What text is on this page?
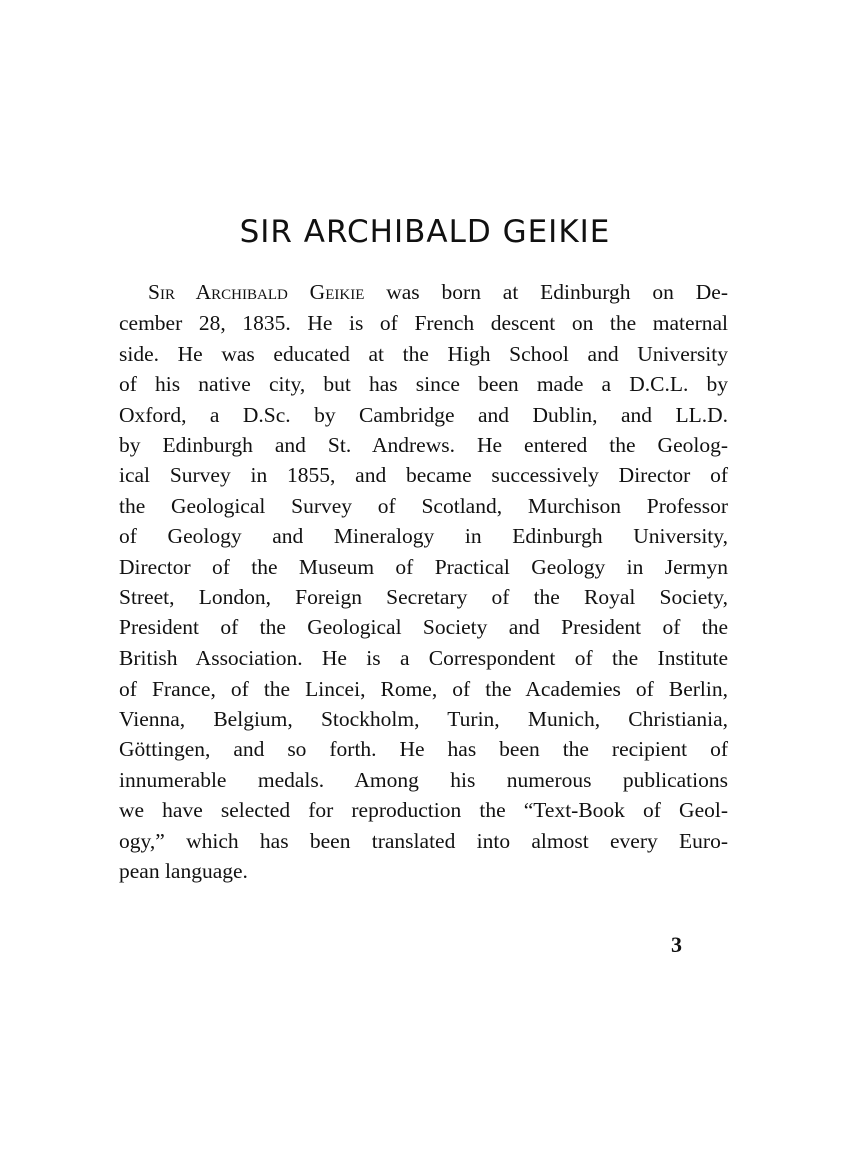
SIR ARCHIBALD GEIKIE
Sir Archibald Geikie was born at Edinburgh on De-
cember 28, 1835. He is of French descent on the maternal
side. He was educated at the High School and University
of his native city, but has since been made a D.C.L. by
Oxford, a D.Sc. by Cambridge and Dublin, and LL.D.
by Edinburgh and St. Andrews. He entered the Geolog-
ical Survey in 1855, and became successively Director of
the Geological Survey of Scotland, Murchison Professor
of Geology and Mineralogy in Edinburgh University,
Director of the Museum of Practical Geology in Jermyn
Street, London, Foreign Secretary of the Royal Society,
President of the Geological Society and President of the
British Association. He is a Correspondent of the Institute
of France, of the Lincei, Rome, of the Academies of Berlin,
Vienna, Belgium, Stockholm, Turin, Munich, Christiania,
Göttingen, and so forth. He has been the recipient of
innumerable medals. Among his numerous publications
we have selected for reproduction the “Text-Book of Geol-
ogy,” which has been translated into almost every Euro-
pean language.
3
